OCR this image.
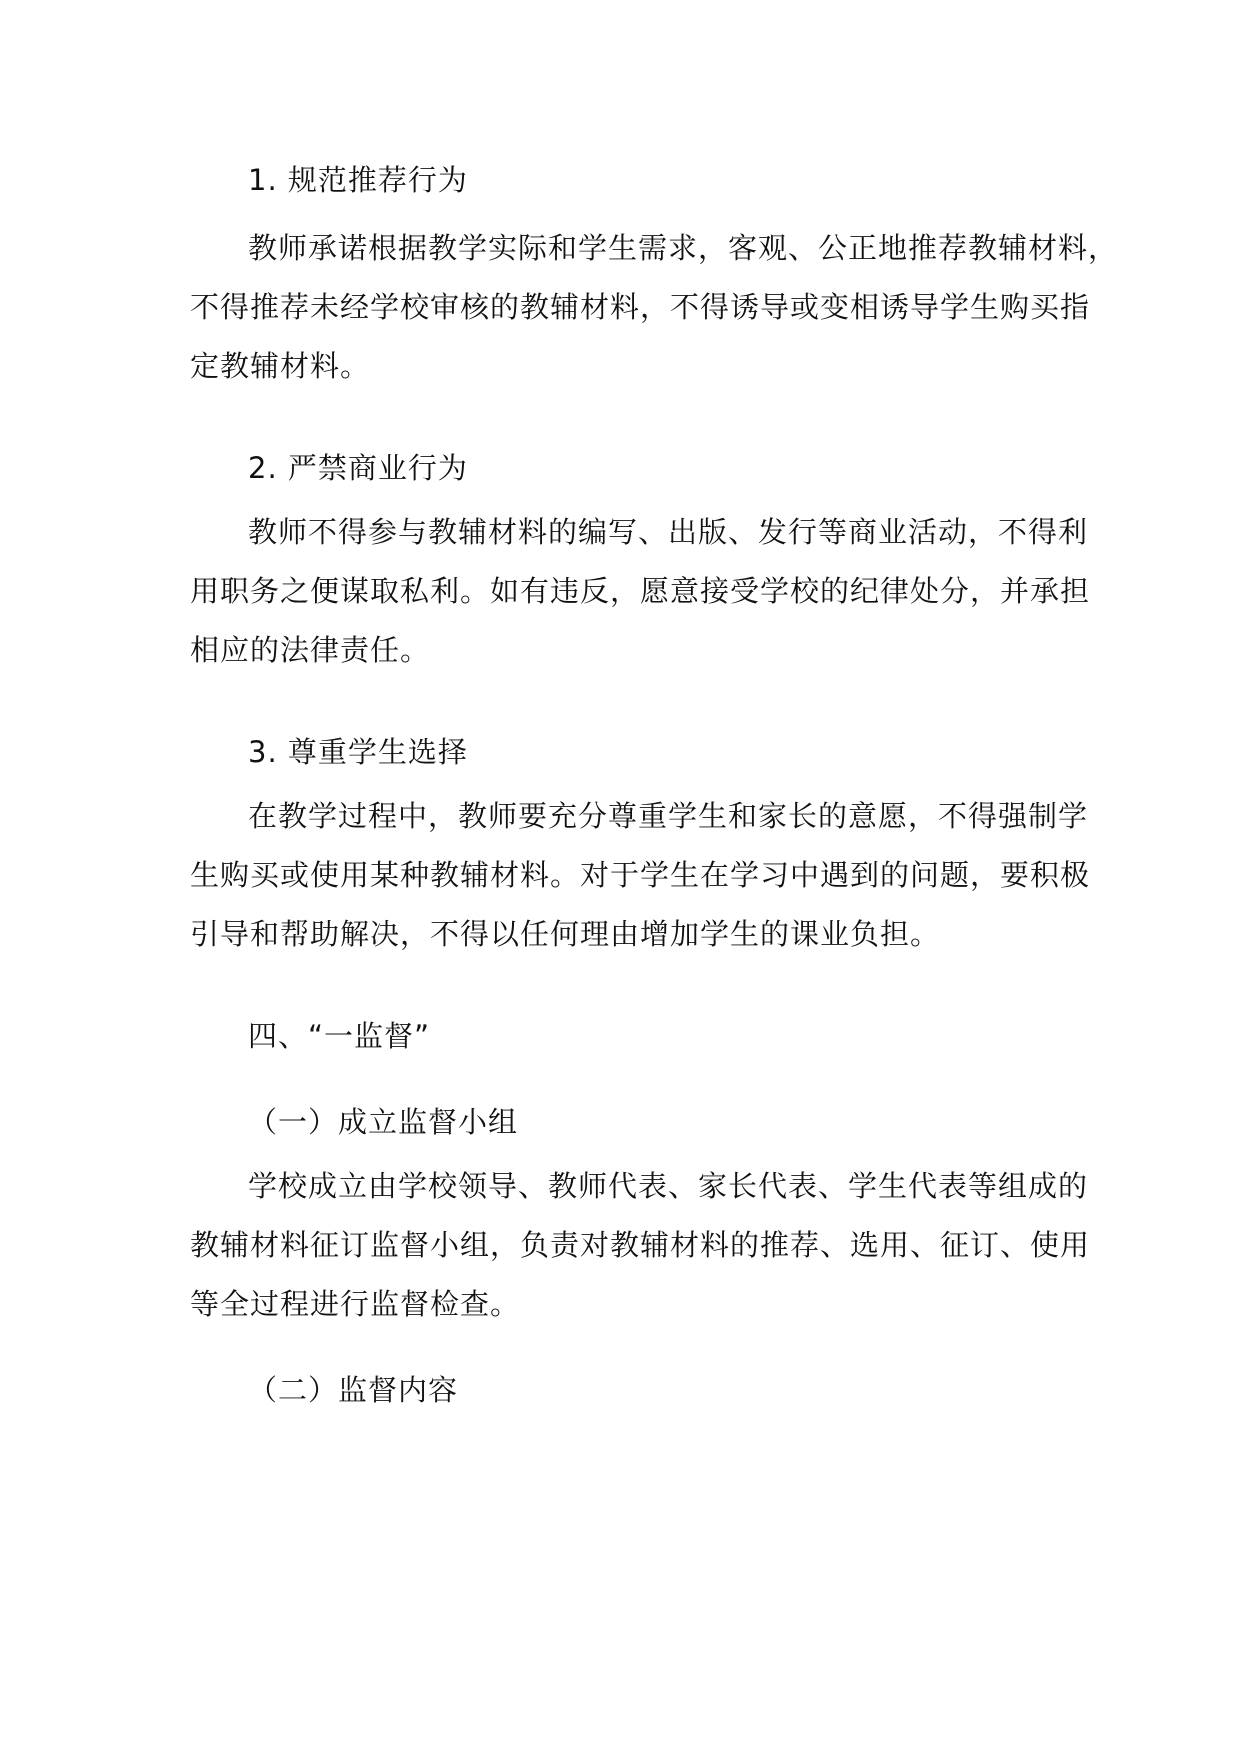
1. 规范推荐行为
教师承诺根据教学实际和学生需求，客观、公正地推荐教辅材料，
不得推荐未经学校审核的教辅材料，不得诱导或变相诱导学生购买指
定教辅材料。
2. 严禁商业行为
教师不得参与教辅材料的编写、出版、发行等商业活动，不得利
用职务之便谋取私利。如有违反，愿意接受学校的纪律处分，并承担
相应的法律责任。
3. 尊重学生选择
在教学过程中，教师要充分尊重学生和家长的意愿，不得强制学
生购买或使用某种教辅材料。对于学生在学习中遇到的问题，要积极
引导和帮助解决，不得以任何理由增加学生的课业负担。
四、“一监督”
（一）成立监督小组
学校成立由学校领导、教师代表、家长代表、学生代表等组成的
教辅材料征订监督小组，负责对教辅材料的推荐、选用、征订、使用
等全过程进行监督检查。
（二）监督内容
